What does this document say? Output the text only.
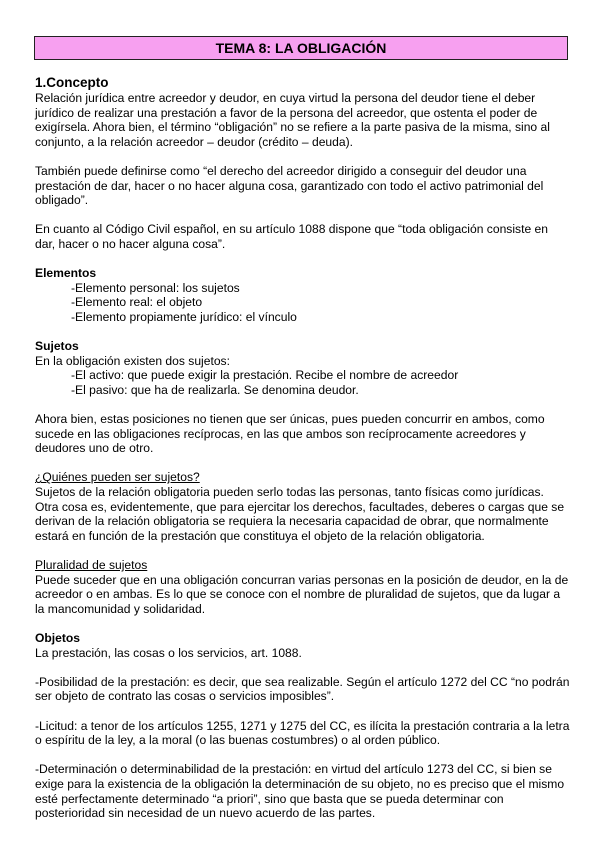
TEMA 8: LA OBLIGACIÓN
1.Concepto

Relación jurídica entre acreedor y deudor, en cuya virtud la persona del deudor tiene el deber jurídico de realizar una prestación a favor de la persona del acreedor, que ostenta el poder de exigírsela. Ahora bien, el término “obligación” no se refiere a la parte pasiva de la misma, sino al conjunto, a la relación acreedor – deudor (crédito – deuda).

También puede definirse como “el derecho del acreedor dirigido a conseguir del deudor una prestación de dar, hacer o no hacer alguna cosa, garantizado con todo el activo patrimonial del obligado”.

En cuanto al Código Civil español, en su artículo 1088 dispone que “toda obligación consiste en dar, hacer o no hacer alguna cosa”.

Elementos

-Elemento personal: los sujetos

-Elemento real: el objeto

-Elemento propiamente jurídico: el vínculo

Sujetos

En la obligación existen dos sujetos:

-El activo: que puede exigir la prestación. Recibe el nombre de acreedor

-El pasivo: que ha de realizarla. Se denomina deudor.

Ahora bien, estas posiciones no tienen que ser únicas, pues pueden concurrir en ambos, como sucede en las obligaciones recíprocas, en las que ambos son recíprocamente acreedores y deudores uno de otro.

¿Quiénes pueden ser sujetos?

Sujetos de la relación obligatoria pueden serlo todas las personas, tanto físicas como jurídicas. Otra cosa es, evidentemente, que para ejercitar los derechos, facultades, deberes o cargas que se derivan de la relación obligatoria se requiera la necesaria capacidad de obrar, que normalmente estará en función de la prestación que constituya el objeto de la relación obligatoria.

Pluralidad de sujetos

Puede suceder que en una obligación concurran varias personas en la posición de deudor, en la de acreedor o en ambas. Es lo que se conoce con el nombre de pluralidad de sujetos, que da lugar a la mancomunidad y solidaridad.

Objetos

La prestación, las cosas o los servicios, art. 1088.

-Posibilidad de la prestación: es decir, que sea realizable. Según el artículo 1272 del CC “no podrán ser objeto de contrato las cosas o servicios imposibles”.

-Licitud: a tenor de los artículos 1255, 1271 y 1275 del CC, es ilícita la prestación contraria a la letra o espíritu de la ley, a la moral (o las buenas costumbres) o al orden público.

-Determinación o determinabilidad de la prestación: en virtud del artículo 1273 del CC, si bien se exige para la existencia de la obligación la determinación de su objeto, no es preciso que el mismo esté perfectamente determinado “a priori”, sino que basta que se pueda determinar con posterioridad sin necesidad de un nuevo acuerdo de las partes.
